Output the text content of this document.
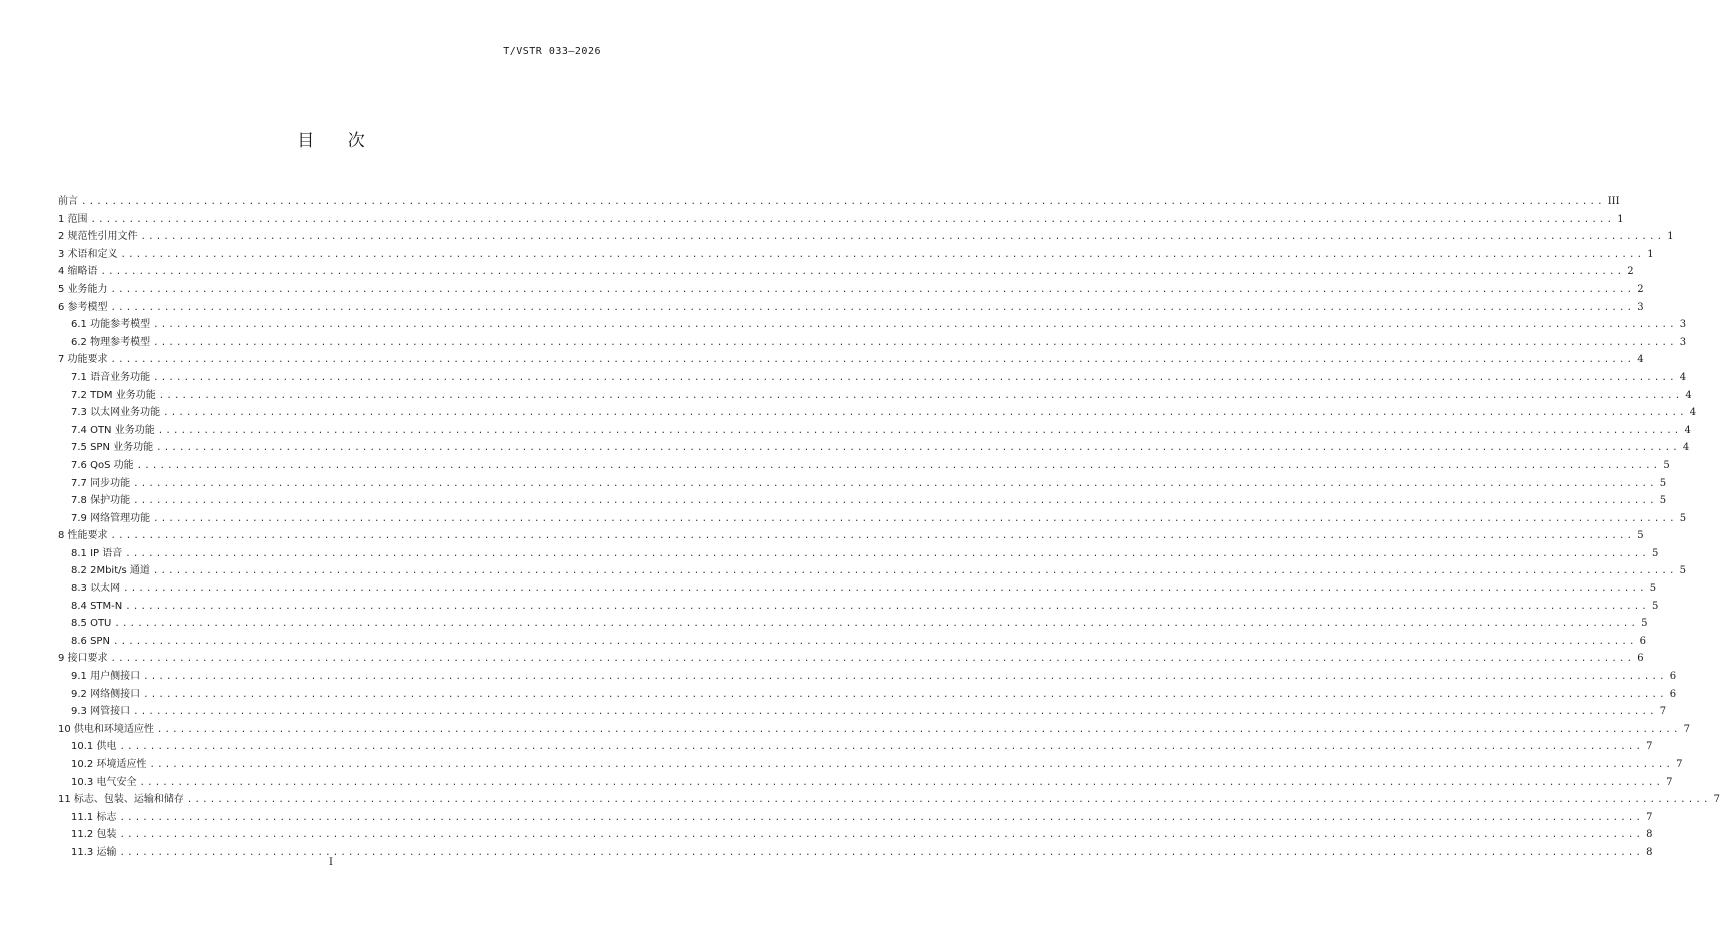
T/VSTR 033—2026
目 次
前言 ........................................................................................................................................................................................................ III
1 范围 ........................................................................................................................................................................................................ 1
2 规范性引用文件 ........................................................................................................................................................................................................ 1
3 术语和定义 ........................................................................................................................................................................................................ 1
4 缩略语 ........................................................................................................................................................................................................ 2
5 业务能力 ........................................................................................................................................................................................................ 2
6 参考模型 ........................................................................................................................................................................................................ 3
6.1 功能参考模型 ........................................................................................................................................................................................................ 3
6.2 物理参考模型 ........................................................................................................................................................................................................ 3
7 功能要求 ........................................................................................................................................................................................................ 4
7.1 语音业务功能 ........................................................................................................................................................................................................ 4
7.2 TDM 业务功能 ........................................................................................................................................................................................................ 4
7.3 以太网业务功能 ........................................................................................................................................................................................................ 4
7.4 OTN 业务功能 ........................................................................................................................................................................................................ 4
7.5 SPN 业务功能 ........................................................................................................................................................................................................ 4
7.6 QoS 功能 ........................................................................................................................................................................................................ 5
7.7 同步功能 ........................................................................................................................................................................................................ 5
7.8 保护功能 ........................................................................................................................................................................................................ 5
7.9 网络管理功能 ........................................................................................................................................................................................................ 5
8 性能要求 ........................................................................................................................................................................................................ 5
8.1 IP 语音 ........................................................................................................................................................................................................ 5
8.2 2Mbit/s 通道 ........................................................................................................................................................................................................ 5
8.3 以太网 ........................................................................................................................................................................................................ 5
8.4 STM-N ........................................................................................................................................................................................................ 5
8.5 OTU ........................................................................................................................................................................................................ 5
8.6 SPN ........................................................................................................................................................................................................ 6
9 接口要求 ........................................................................................................................................................................................................ 6
9.1 用户侧接口 ........................................................................................................................................................................................................ 6
9.2 网络侧接口 ........................................................................................................................................................................................................ 6
9.3 网管接口 ........................................................................................................................................................................................................ 7
10 供电和环境适应性 ........................................................................................................................................................................................................ 7
10.1 供电 ........................................................................................................................................................................................................ 7
10.2 环境适应性 ........................................................................................................................................................................................................ 7
10.3 电气安全 ........................................................................................................................................................................................................ 7
11 标志、包装、运输和储存 ........................................................................................................................................................................................................ 7
11.1 标志 ........................................................................................................................................................................................................ 7
11.2 包装 ........................................................................................................................................................................................................ 8
11.3 运输 ........................................................................................................................................................................................................ 8
I
